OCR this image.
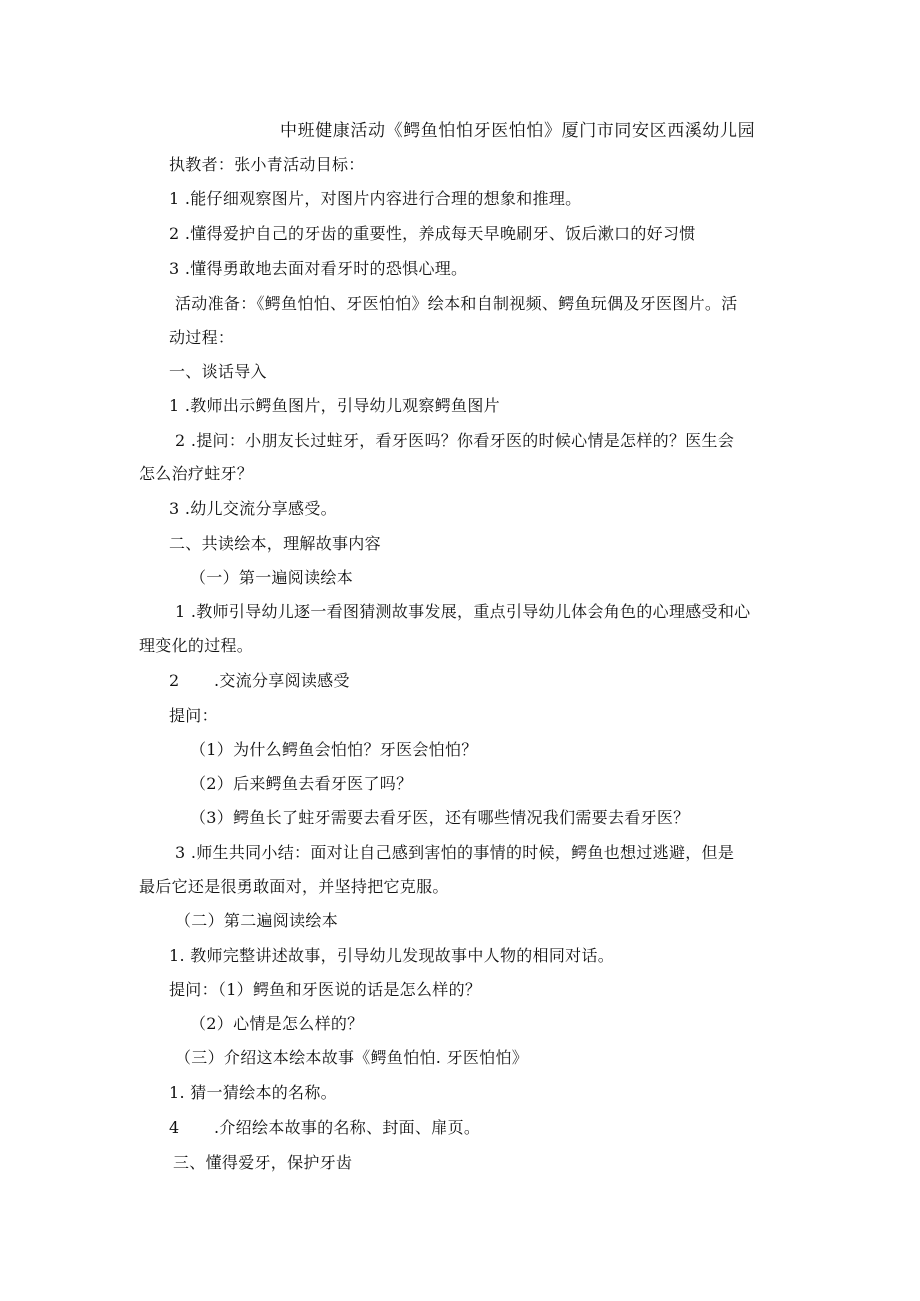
中班健康活动《鳄鱼怕怕牙医怕怕》厦门市同安区西溪幼儿园

执教者：张小青活动目标：

1 .能仔细观察图片，对图片内容进行合理的想象和推理。

2 .懂得爱护自己的牙齿的重要性，养成每天早晚刷牙、饭后漱口的好习惯

3 .懂得勇敢地去面对看牙时的恐惧心理。

活动准备：《鳄鱼怕怕、牙医怕怕》绘本和自制视频、鳄鱼玩偶及牙医图片。活

动过程：

一、谈话导入

1 .教师出示鳄鱼图片，引导幼儿观察鳄鱼图片

2 .提问：小朋友长过蛀牙，看牙医吗？你看牙医的时候心情是怎样的？医生会

怎么治疗蛀牙？

3 .幼儿交流分享感受。

二、共读绘本，理解故事内容

（一）第一遍阅读绘本

1 .教师引导幼儿逐一看图猜测故事发展，重点引导幼儿体会角色的心理感受和心

理变化的过程。

2 .交流分享阅读感受

提问：

（1）为什么鳄鱼会怕怕？牙医会怕怕？

（2）后来鳄鱼去看牙医了吗？

（3）鳄鱼长了蛀牙需要去看牙医，还有哪些情况我们需要去看牙医？

3 .师生共同小结：面对让自己感到害怕的事情的时候，鳄鱼也想过逃避，但是

最后它还是很勇敢面对，并坚持把它克服。

（二）第二遍阅读绘本

1. 教师完整讲述故事，引导幼儿发现故事中人物的相同对话。

提问：（1）鳄鱼和牙医说的话是怎么样的？

（2）心情是怎么样的？

（三）介绍这本绘本故事《鳄鱼怕怕. 牙医怕怕》

1. 猜一猜绘本的名称。

4 .介绍绘本故事的名称、封面、扉页。

三、懂得爱牙，保护牙齿
